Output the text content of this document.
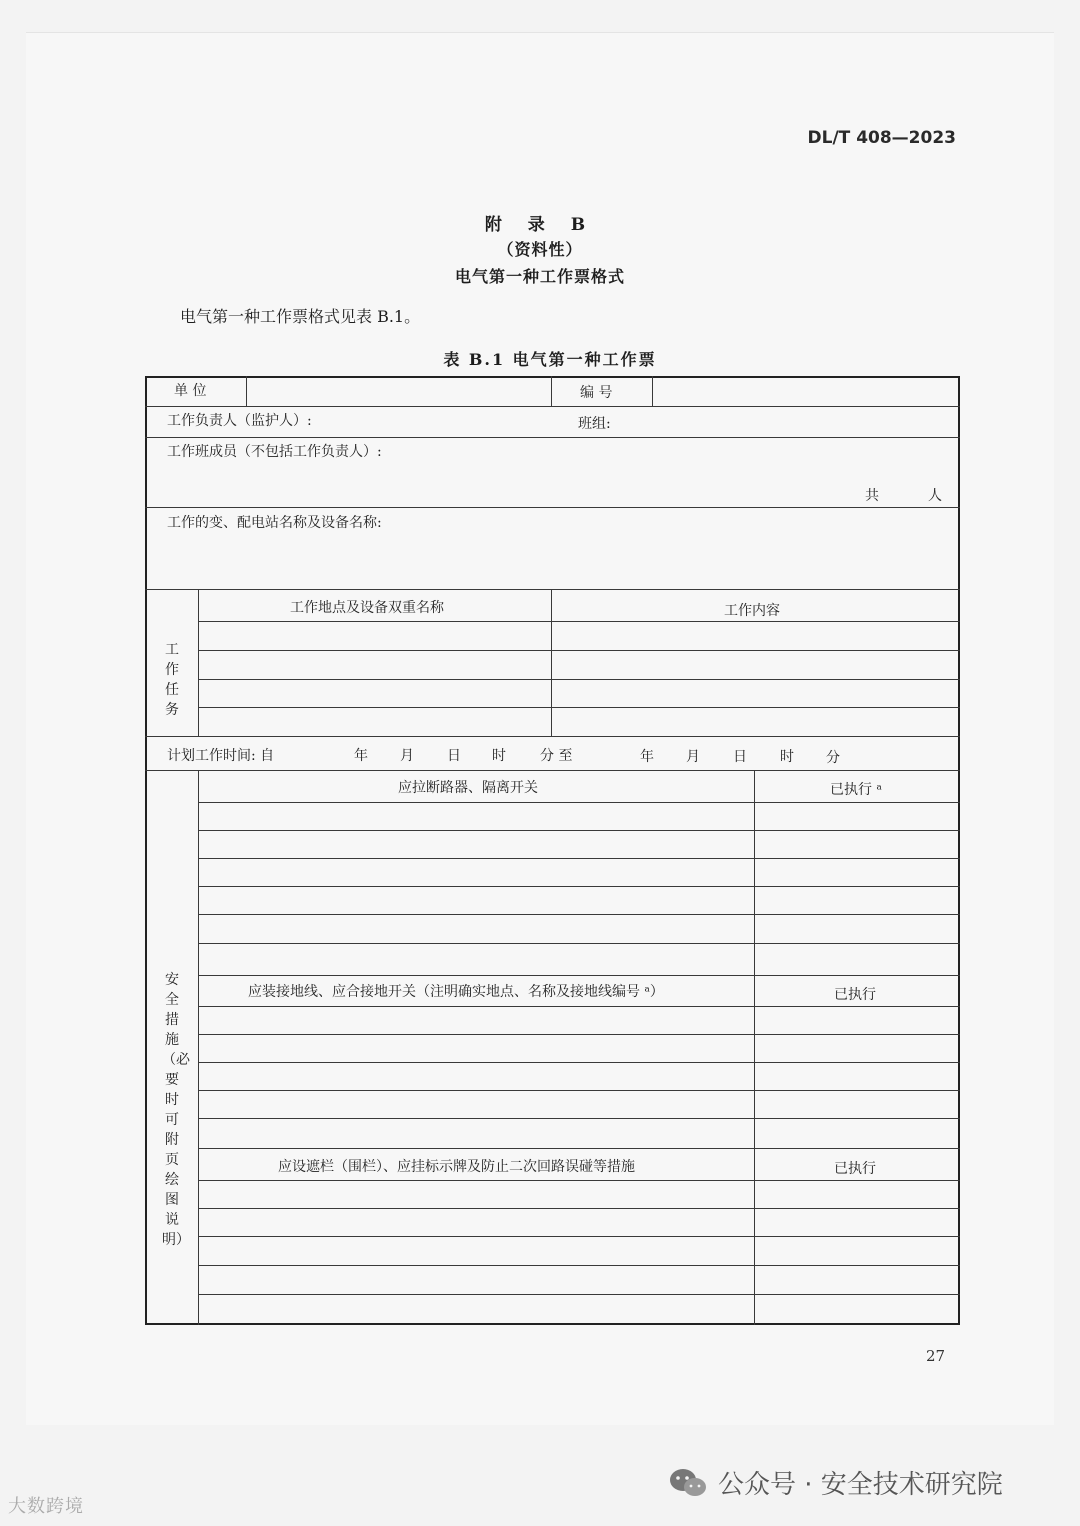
DL/T 408—2023
附 录 B
（资料性）
电气第一种工作票格式
电气第一种工作票格式见表 B.1。
表 B.1 电气第一种工作票
单 位	编 号
工作负责人（监护人）:	班组:
工作班成员（不包括工作负责人）:
共	人
工作的变、配电站名称及设备名称:
工作任务
工作地点及设备双重名称	工作内容
计划工作时间: 自	年 月 日 时 分 至	年 月 日 时 分
安全措施（必要时可附页绘图说明）
应拉断路器、隔离开关	已执行 ᵃ
应装接地线、应合接地开关（注明确实地点、名称及接地线编号 ᵃ）	已执行
应设遮栏（围栏）、应挂标示牌及防止二次回路误碰等措施	已执行
27
大数跨境
公众号 · 安全技术研究院
